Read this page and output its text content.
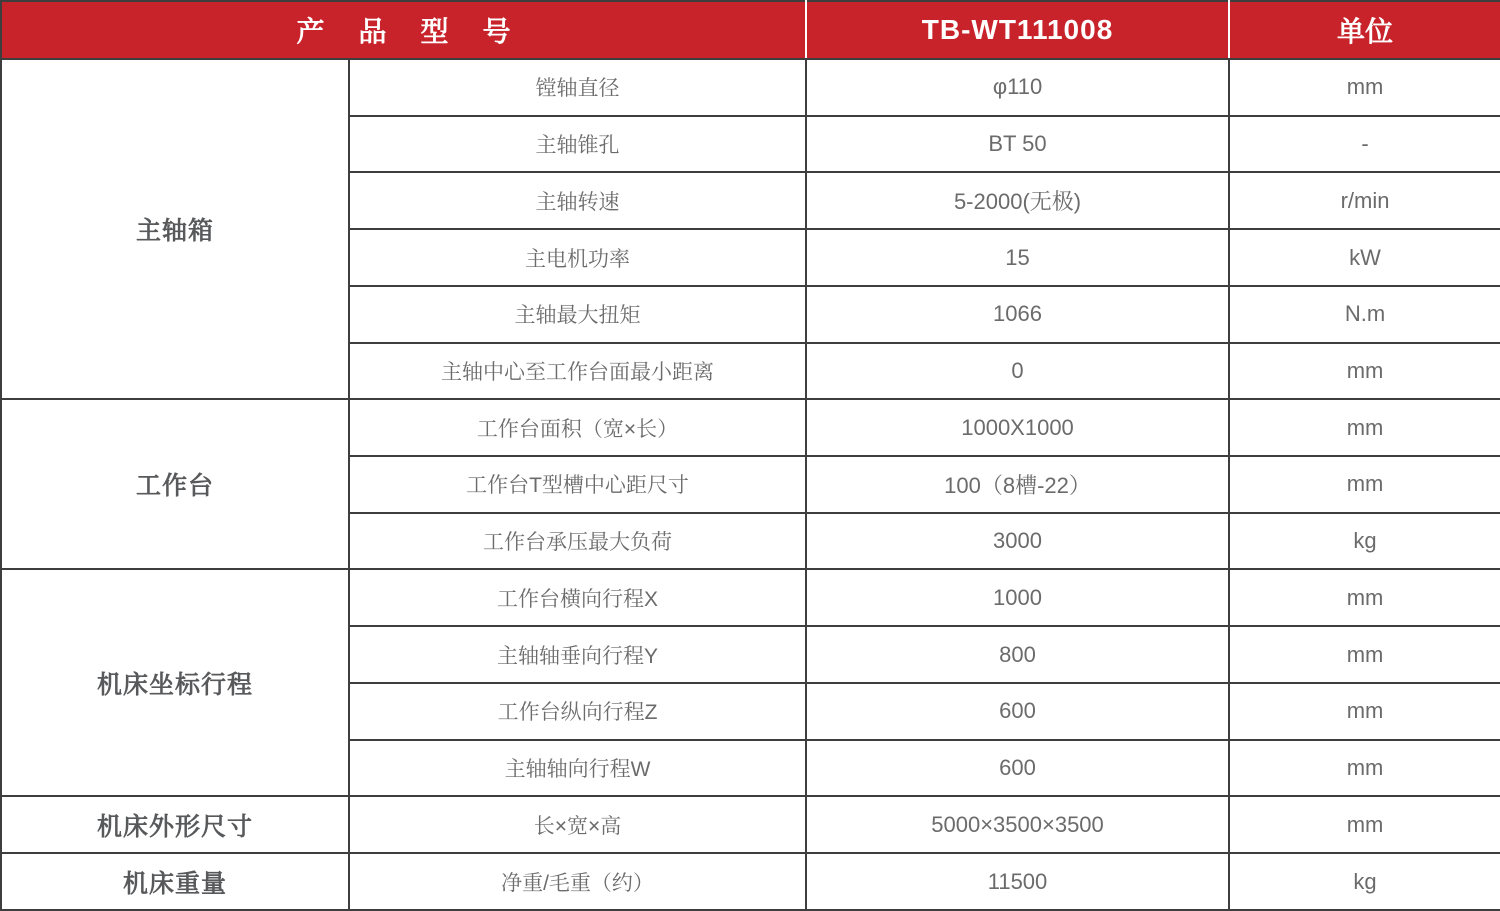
产品型号		TB-WT111008	单位
主轴箱	镗轴直径	φ110	mm
	主轴锥孔	BT 50	-
	主轴转速	5-2000(无极)	r/min
	主电机功率	15	kW
	主轴最大扭矩	1066	N.m
	主轴中心至工作台面最小距离	0	mm
工作台	工作台面积（宽×长）	1000X1000	mm
	工作台T型槽中心距尺寸	100（8槽-22）	mm
	工作台承压最大负荷	3000	kg
机床坐标行程	工作台横向行程X	1000	mm
	主轴轴垂向行程Y	800	mm
	工作台纵向行程Z	600	mm
	主轴轴向行程W	600	mm
机床外形尺寸	长×宽×高	5000×3500×3500	mm
机床重量	净重/毛重（约）	11500	kg
